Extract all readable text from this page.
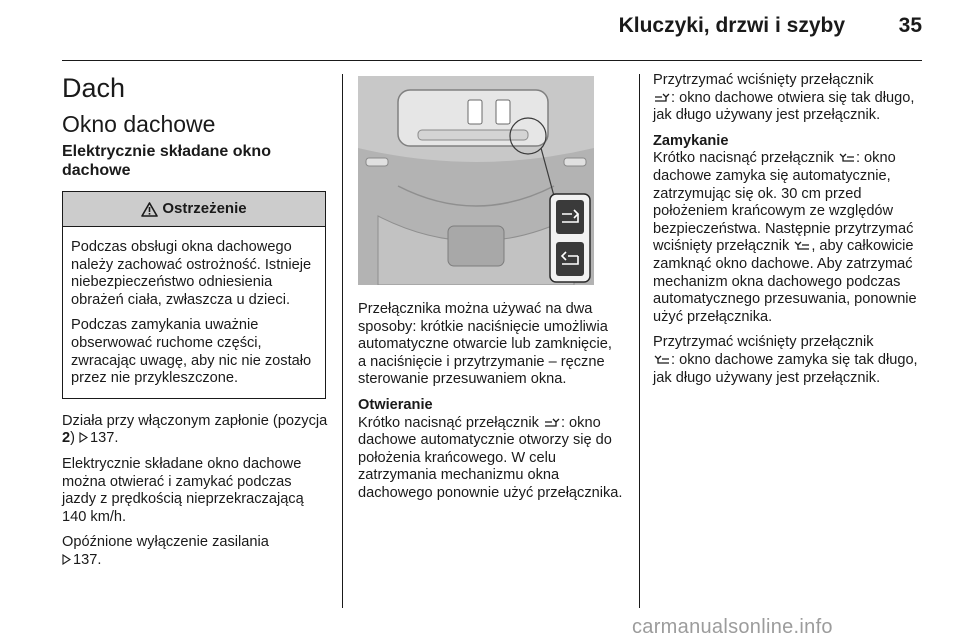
Kluczyki, drzwi i szyby	35
Dach
Okno dachowe
Elektrycznie składane okno dachowe
Ostrzeżenie

Podczas obsługi okna dachowego należy zachować ostrożność. Istnieje niebezpieczeństwo odniesienia obrażeń ciała, zwłaszcza u dzieci.

Podczas zamykania uważnie obserwować ruchome części, zwracając uwagę, aby nic nie zostało przez nie przykleszczone.

Działa przy włączonym zapłonie (pozycja 2) 137.

Elektrycznie składane okno dachowe można otwierać i zamykać podczas jazdy z prędkością nieprzekraczającą 140 km/h.

Opóźnione wyłączenie zasilania
137.

Przełącznika można używać na dwa sposoby: krótkie naciśnięcie umożliwia automatyczne otwarcie lub zamknięcie, a naciśnięcie i przytrzymanie – ręczne sterowanie przesuwaniem okna.

Otwieranie

Krótko nacisnąć przełącznik : okno dachowe automatycznie otworzy się do położenia krańcowego. W celu zatrzymania mechanizmu okna dachowego ponownie użyć przełącznika.

Przytrzymać wciśnięty przełącznik
: okno dachowe otwiera się tak długo, jak długo używany jest przełącznik.

Zamykanie

Krótko nacisnąć przełącznik : okno dachowe zamyka się automatycznie, zatrzymując się ok. 30 cm przed położeniem krańcowym ze względów bezpieczeństwa. Następnie przytrzymać wciśnięty przełącznik , aby całkowicie zamknąć okno dachowe. Aby zatrzymać mechanizm okna dachowego podczas automatycznego przesuwania, ponownie użyć przełącznika.

Przytrzymać wciśnięty przełącznik
: okno dachowe zamyka się tak długo, jak długo używany jest przełącznik.

carmanualsonline.info
